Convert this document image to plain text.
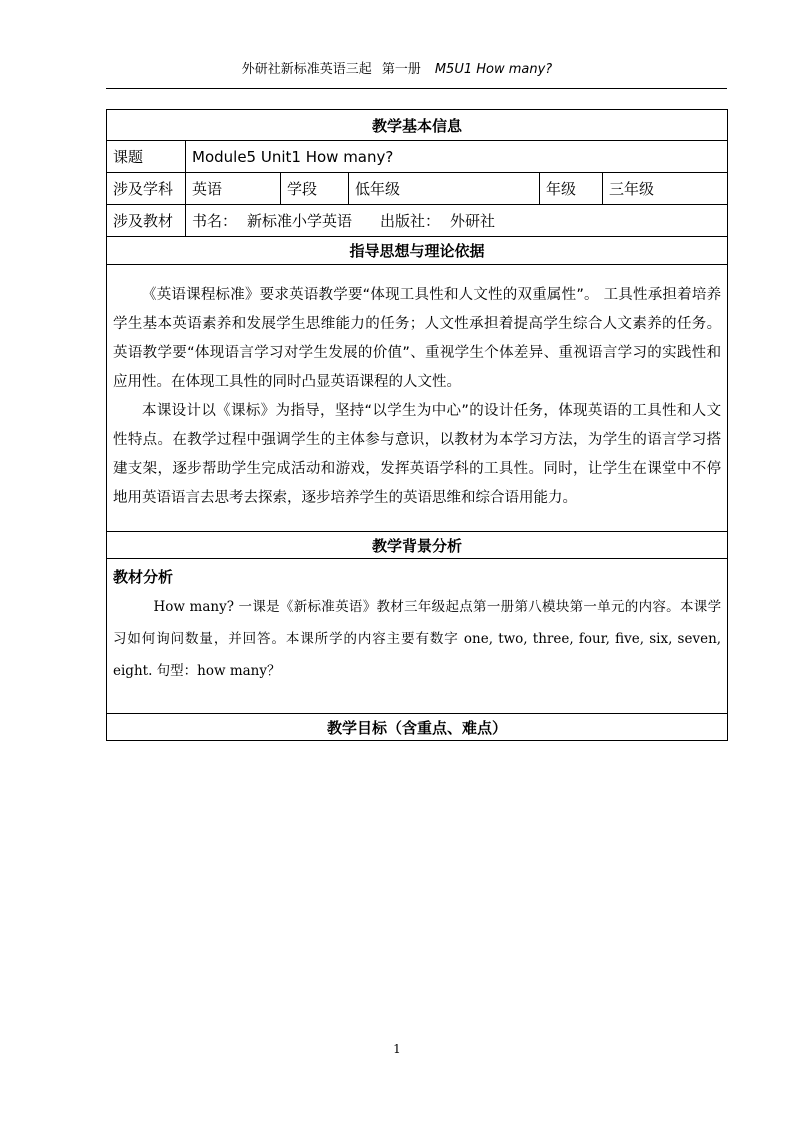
外研社新标准英语三起 第一册 M5U1 How many?
教学基本信息					
课题	Module5 Unit1 How many?				
涉及学科	英语	学段	低年级	年级	三年级
涉及教材	书名： 新标准小学英语 出版社： 外研社				
指导思想与理论依据					

《英语课程标准》要求英语教学要“体现工具性和人文性的双重属性”。 工具性承担着培养学生基本英语素养和发展学生思维能力的任务；人文性承担着提高学生综合人文素养的任务。英语教学要“体现语言学习对学生发展的价值”、重视学生个体差异、重视语言学习的实践性和应用性。在体现工具性的同时凸显英语课程的人文性。

本课设计以《课标》为指导，坚持“以学生为中心”的设计任务，体现英语的工具性和人文性特点。在教学过程中强调学生的主体参与意识，以教材为本学习方法，为学生的语言学习搭建支架，逐步帮助学生完成活动和游戏，发挥英语学科的工具性。同时，让学生在课堂中不停地用英语语言去思考去探索，逐步培养学生的英语思维和综合语用能力。					

教学背景分析					

教材分析

How many? 一课是《新标准英语》教材三年级起点第一册第八模块第一单元的内容。本课学习如何询问数量，并回答。本课所学的内容主要有数字 one, two, three, four, five, six, seven, eight. 句型：how many？					

教学目标（含重点、难点）					
1
